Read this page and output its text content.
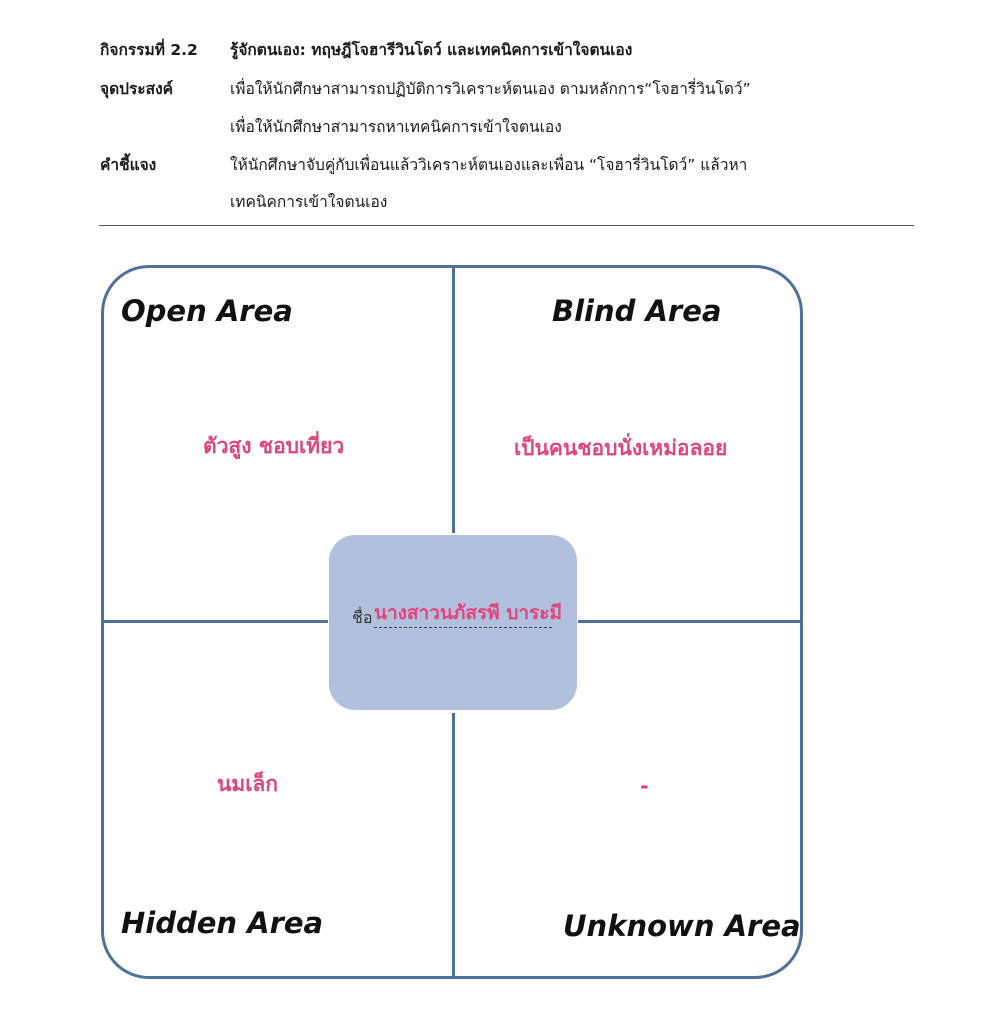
กิจกรรมที่ 2.2 รู้จักตนเอง: ทฤษฎีโจฮารีวินโดว์ และเทคนิคการเข้าใจตนเอง
จุดประสงค์	เพื่อให้นักศึกษาสามารถปฏิบัติการวิเคราะห์ตนเอง ตามหลักการ“โจฮารี่วินโดว์”
เพื่อให้นักศึกษาสามารถหาเทคนิคการเข้าใจตนเอง
คำชี้แจง	ให้นักศึกษาจับคู่กับเพื่อนแล้ววิเคราะห์ตนเองและเพื่อน “โจฮารี่วินโดว์” แล้วหา
เทคนิคการเข้าใจตนเอง
Open Area	Blind Area
Hidden Area	Unknown Area
ตัวสูง ชอบเที่ยว	เป็นคนชอบนั่งเหม่อลอย
นมเล็ก	-
ชื่อ นางสาวนภัสรพี บาระมี
